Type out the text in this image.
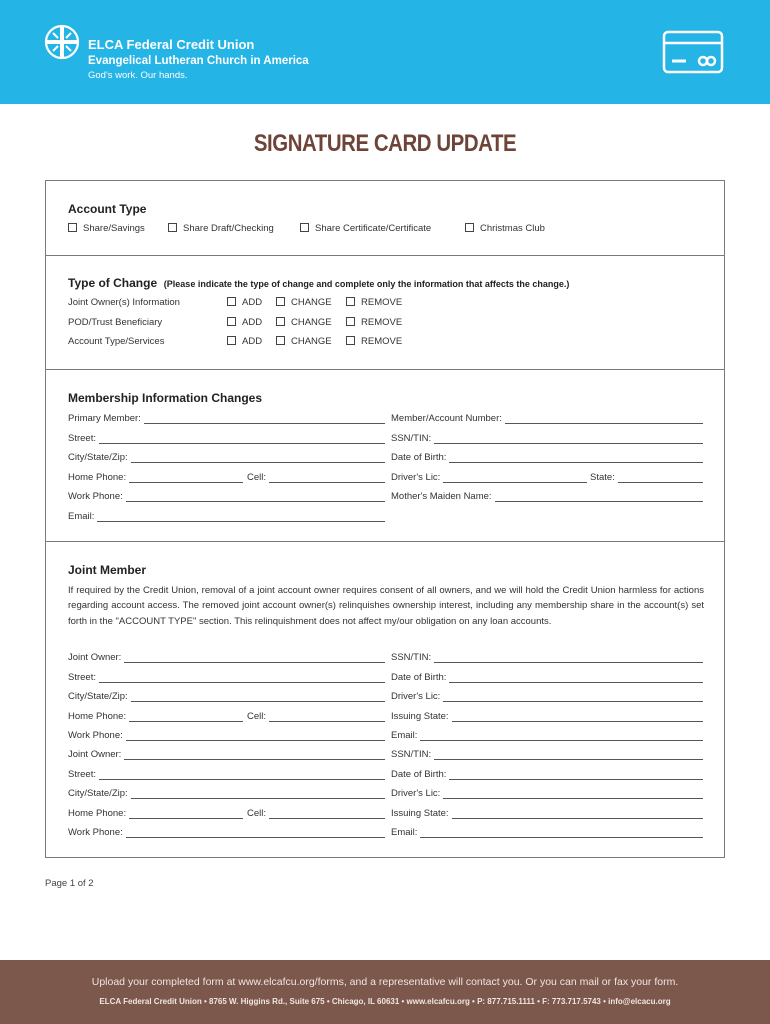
ELCA Federal Credit Union
Evangelical Lutheran Church in America
God's work. Our hands.
SIGNATURE CARD UPDATE
Account Type
Share/Savings	Share Draft/Checking	Share Certificate/Certificate	Christmas Club
Type of Change (Please indicate the type of change and complete only the information that affects the change.)
Joint Owner(s) Information	ADD	CHANGE	REMOVE
POD/Trust Beneficiary	ADD	CHANGE	REMOVE
Account Type/Services	ADD	CHANGE	REMOVE
Membership Information Changes
Primary Member:	Member/Account Number:
Street:	SSN/TIN:
City/State/Zip:	Date of Birth:
Home Phone:	Cell:	Driver's Lic:	State:
Work Phone:	Mother's Maiden Name:
Email:
Joint Member
If required by the Credit Union, removal of a joint account owner requires consent of all owners, and we will hold the Credit Union harmless for actions regarding account access. The removed joint account owner(s) relinquishes ownership interest, including any membership share in the account(s) set forth in the "ACCOUNT TYPE" section. This relinquishment does not affect my/our obligation on any loan accounts.
Joint Owner:	SSN/TIN:
Street:	Date of Birth:
City/State/Zip:	Driver's Lic:
Home Phone:	Cell:	Issuing State:
Work Phone:	Email:
Joint Owner:	SSN/TIN:
Street:	Date of Birth:
City/State/Zip:	Driver's Lic:
Home Phone:	Cell:	Issuing State:
Work Phone:	Email:
Page 1 of 2
Upload your completed form at www.elcafcu.org/forms, and a representative will contact you. Or you can mail or fax your form.
ELCA Federal Credit Union • 8765 W. Higgins Rd., Suite 675 • Chicago, IL 60631 • www.elcafcu.org • P: 877.715.1111 • F: 773.717.5743 • info@elcacu.org
